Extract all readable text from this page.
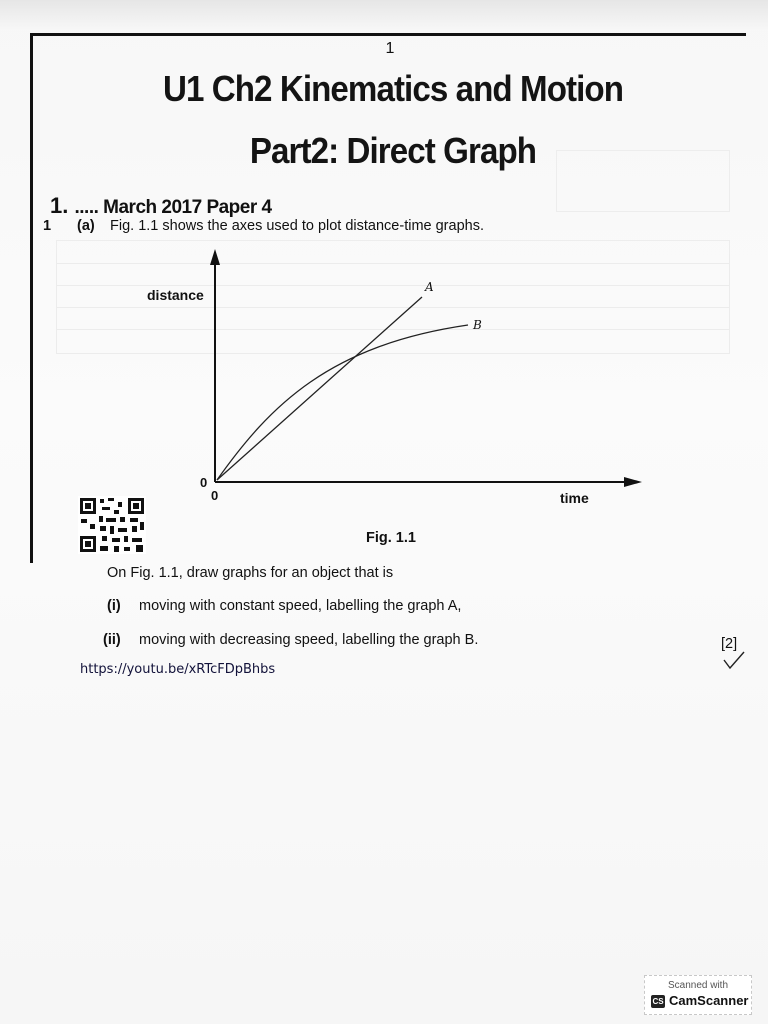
1
U1 Ch2 Kinematics and Motion
Part2: Direct Graph
1. ..... March 2017 Paper 4
1 (a) Fig. 1.1 shows the axes used to plot distance-time graphs.
distance
time
0
0
A
B
Fig. 1.1
On Fig. 1.1, draw graphs for an object that is
(i) moving with constant speed, labelling the graph A,
(ii) moving with decreasing speed, labelling the graph B.	[2]
https://youtu.be/xRTcFDpBhbs
Scanned with
CS CamScanner
